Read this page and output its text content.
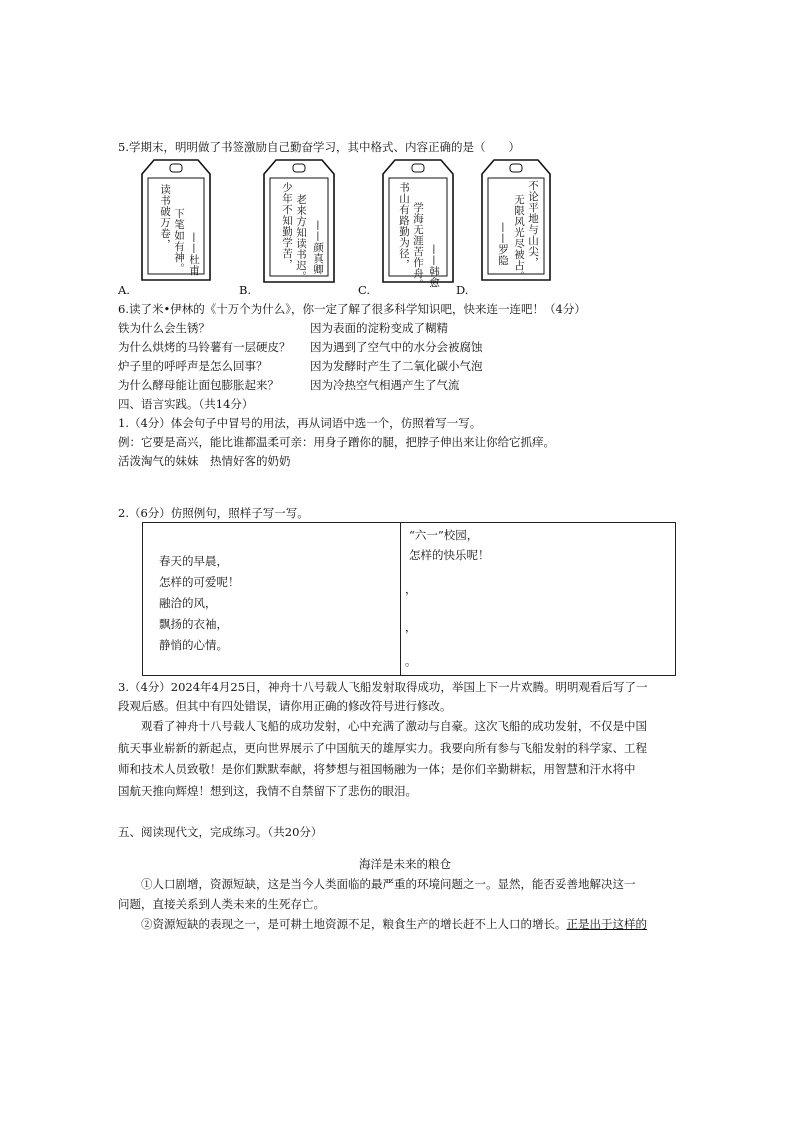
5.学期末，明明做了书签激励自己勤奋学习，其中格式、内容正确的是（　　）
读书破万卷， 下笔如有神。 ——杜甫
A.
少年不知勤学苦， 老来方知读书迟。 ——颜真卿
B.
书山有路勤为径， 学海无涯苦作舟。 ——韩愈
C.
不论平地与山尖，
无限风光尽被占。
——罗隐
D.
6.读了米•伊林的《十万个为什么》，你一定了解了很多科学知识吧，快来连一连吧！（4分）
铁为什么会生锈？
为什么烘烤的马铃薯有一层硬皮？
炉子里的呼呼声是怎么回事？
为什么酵母能让面包膨胀起来？
因为表面的淀粉变成了糊精
因为遇到了空气中的水分会被腐蚀
因为发酵时产生了二氧化碳小气泡
因为冷热空气相遇产生了气流
四、语言实践。（共14分）
1.（4分）体会句子中冒号的用法，再从词语中选一个，仿照着写一写。
例：它要是高兴，能比谁都温柔可亲：用身子蹭你的腿，把脖子伸出来让你给它抓痒。
活泼淘气的妹妹　热情好客的奶奶
2.（6分）仿照例句，照样子写一写。
春天的早晨，
怎样的可爱呢！
融洽的风，
飘扬的衣袖，
静悄的心情。
“六一”校园，
怎样的快乐呢！
，
，
。
3.（4分）2024年4月25日，神舟十八号载人飞船发射取得成功，举国上下一片欢腾。明明观看后写了一
段观后感。但其中有四处错误，请你用正确的修改符号进行修改。
观看了神舟十八号载人飞船的成功发射，心中充满了激动与自豪。这次飞船的成功发射，不仅是中国
航天事业崭新的新起点，更向世界展示了中国航天的雄厚实力。我要向所有参与飞船发射的科学家、工程
师和技术人员致敬！是你们默默奉献，将梦想与祖国畅融为一体；是你们辛勤耕耘，用智慧和汗水将中
国航天推向辉煌！想到这，我情不自禁留下了悲伤的眼泪。
五、阅读现代文，完成练习。（共20分）
海洋是未来的粮仓
①人口剧增，资源短缺，这是当今人类面临的最严重的环境问题之一。显然，能否妥善地解决这一
问题，直接关系到人类未来的生死存亡。
②资源短缺的表现之一，是可耕土地资源不足，粮食生产的增长赶不上人口的增长。正是出于这样的
